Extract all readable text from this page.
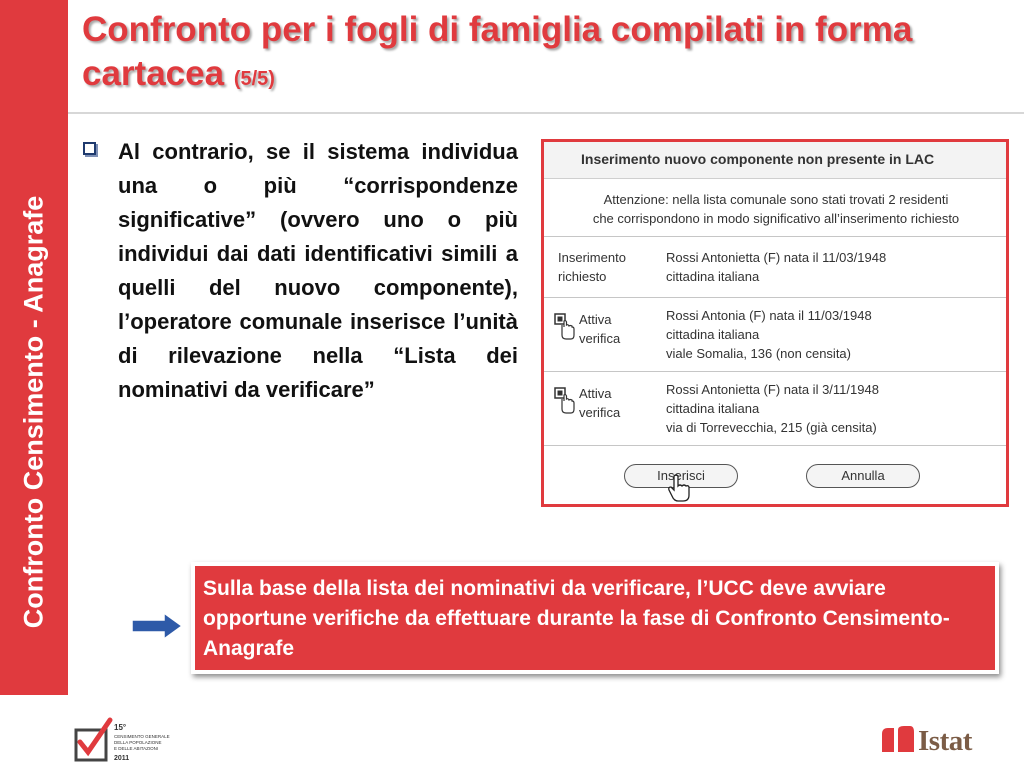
Confronto Censimento - Anagrafe
Confronto per i fogli di famiglia compilati in forma cartacea (5/5)
Al contrario, se il sistema individua una o più “corrispondenze significative” (ovvero uno o più individui dai dati identificativi simili a quelli del nuovo componente), l’operatore comunale inserisce l’unità di rilevazione nella “Lista dei nominativi da verificare”
Inserimento nuovo componente non presente in LAC
Attenzione: nella lista comunale sono stati trovati 2 residenti
che corrispondono in modo significativo all’inserimento richiesto
Inserimento
richiesto
Rossi Antonietta (F) nata il 11/03/1948
cittadina italiana
Attiva
verifica
Rossi Antonia (F) nata il 11/03/1948
cittadina italiana
viale Somalia, 136 (non censita)
Attiva
verifica
Rossi Antonietta (F) nata il 3/11/1948
cittadina italiana
via di Torrevecchia, 215 (già censita)
Inserisci	Annulla
Sulla base della lista dei nominativi da verificare, l’UCC deve avviare opportune verifiche da effettuare durante la fase di Confronto Censimento-Anagrafe
15°
CENSIMENTO GENERALE
DELLA POPOLAZIONE
E DELLE ABITAZIONI
2011
Istat
